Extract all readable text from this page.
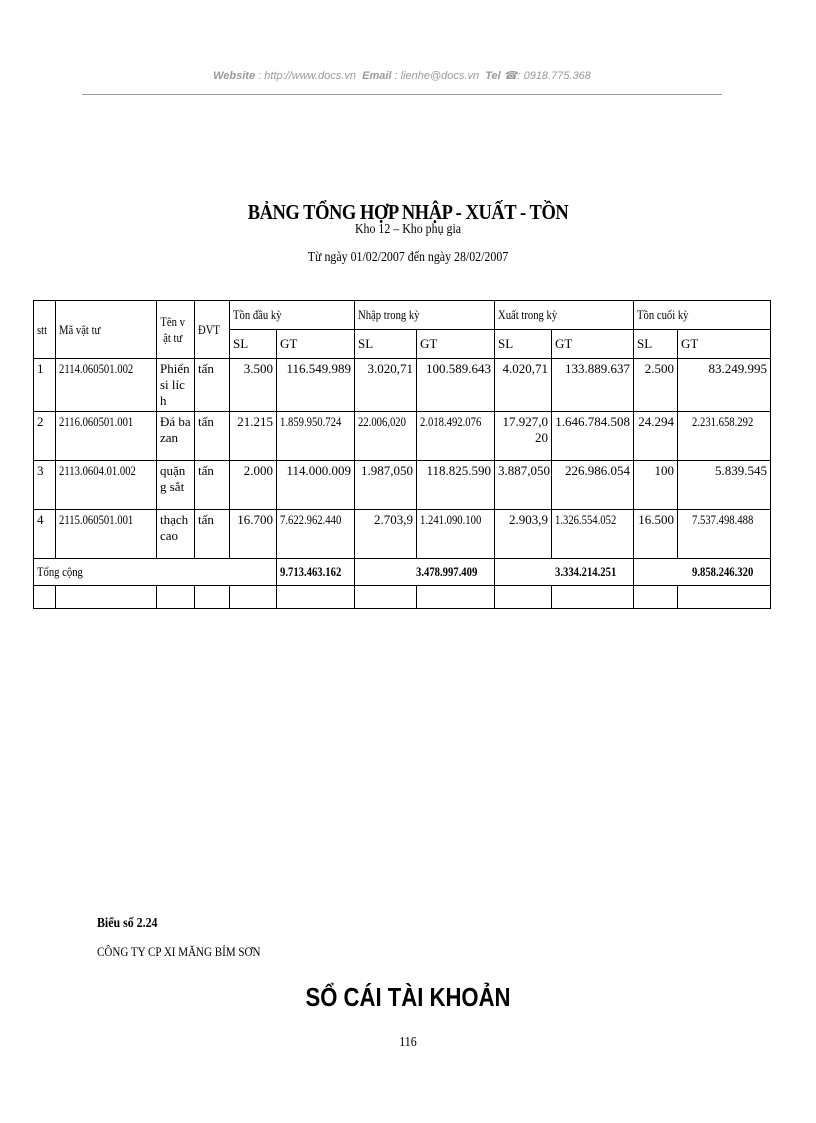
Website : http://www.docs.vn Email : lienhe@docs.vn Tel ☎: 0918.775.368
BẢNG TỔNG HỢP NHẬP - XUẤT - TỒN
Kho 12 – Kho phụ gia
Từ ngày 01/02/2007 đến ngày 28/02/2007
stt	Mã vật tư	Tên vật tư	ĐVT	Tồn đầu kỳ		Nhập trong kỳ		Xuất trong kỳ		Tồn cuối kỳ	
				SL	GT	SL	GT	SL	GT	SL	GT
1	2114.060501.002	Phiến si lích	tấn	3.500	116.549.989	3.020,71	100.589.643	4.020,71	133.889.637	2.500	83.249.995
2	2116.060501.001	Đá bazan	tấn	21.215	1.859.950.724	22.006,020	2.018.492.076	17.927,020	1.646.784.508	24.294	2.231.658.292
3	2113.0604.01.002	quặng sắt	tấn	2.000	114.000.009	1.987,050	118.825.590	3.887,050	226.986.054	100	5.839.545
4	2115.060501.001	thạch cao	tấn	16.700	7.622.962.440	2.703,9	1.241.090.100	2.903,9	1.326.554.052	16.500	7.537.498.488
Tổng cộng					9.713.463.162	3.478.997.409		3.334.214.251		9.858.246.320	

Biểu số 2.24
CÔNG TY CP XI MĂNG BỈM SƠN
SỔ CÁI TÀI KHOẢN
116
